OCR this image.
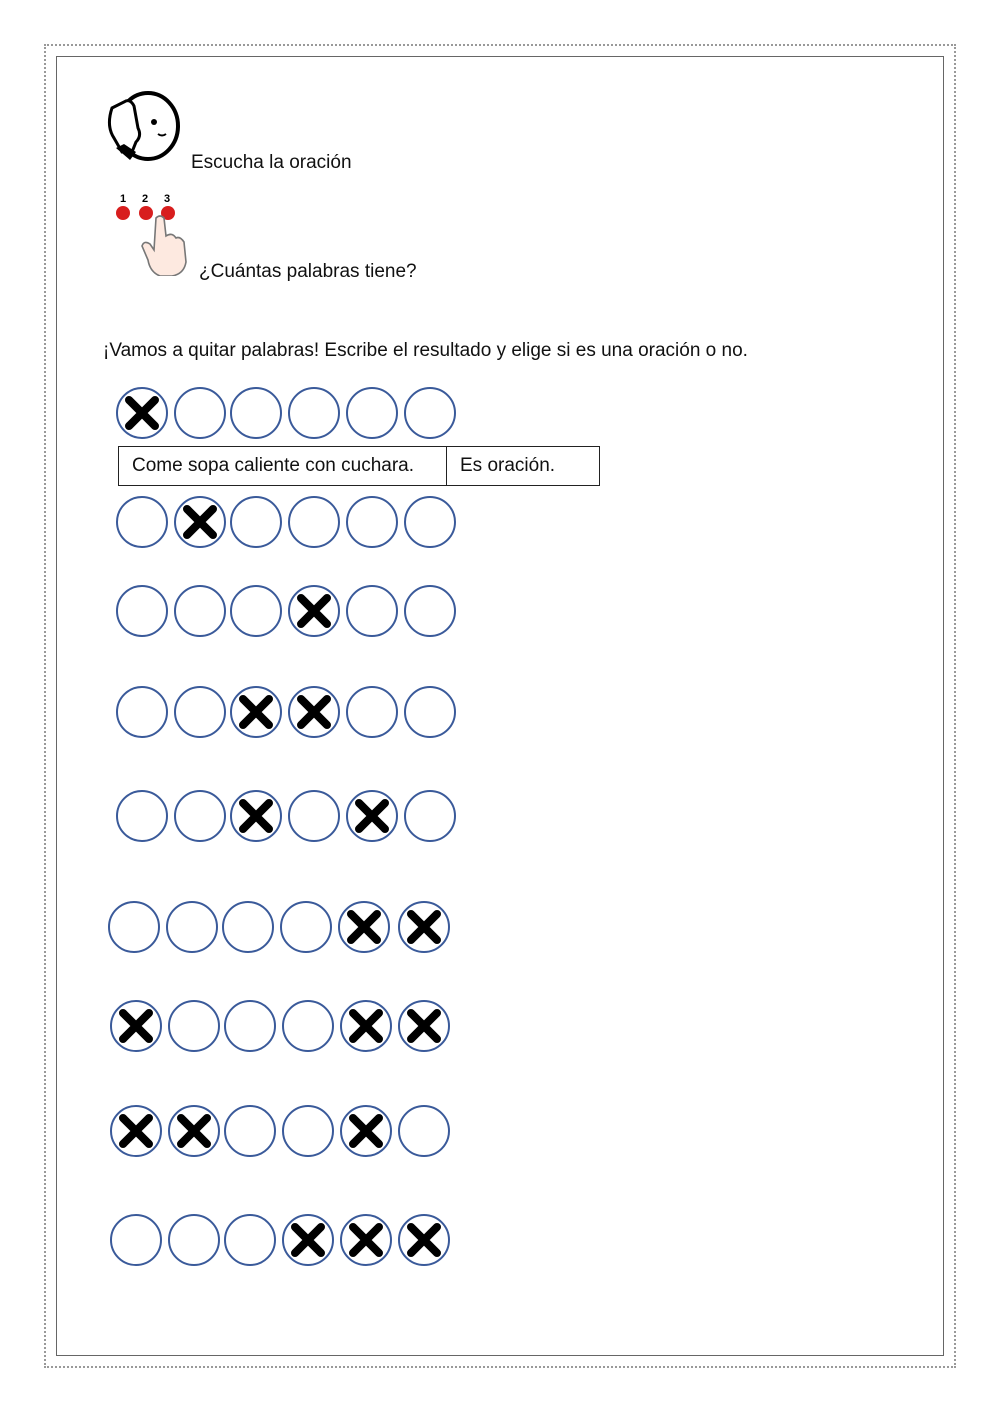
Escucha la oración
1 2 3
¿Cuántas palabras tiene?
¡Vamos a quitar palabras! Escribe el resultado y elige si es una oración o no.
Come sopa caliente con cuchara.	Es oración.
